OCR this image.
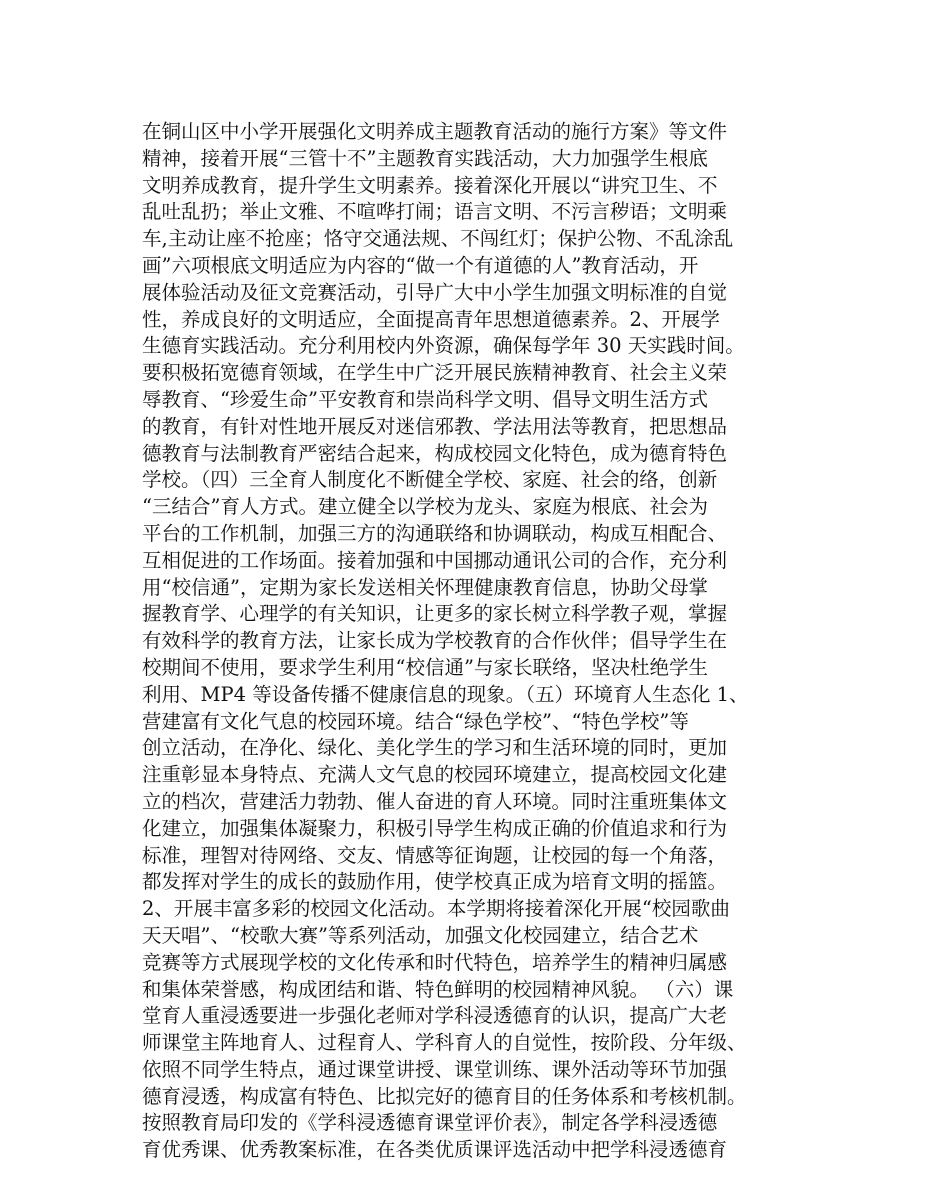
在铜山区中小学开展强化文明养成主题教育活动的施行方案》等文件
精神，接着开展“三管十不”主题教育实践活动，大力加强学生根底
文明养成教育，提升学生文明素养。接着深化开展以“讲究卫生、不
乱吐乱扔；举止文雅、不喧哗打闹；语言文明、不污言秽语；文明乘
车,主动让座不抢座；恪守交通法规、不闯红灯；保护公物、不乱涂乱
画”六项根底文明适应为内容的“做一个有道德的人”教育活动，开
展体验活动及征文竞赛活动，引导广大中小学生加强文明标准的自觉
性，养成良好的文明适应，全面提高青年思想道德素养。2、开展学
生德育实践活动。充分利用校内外资源，确保每学年 30 天实践时间。
要积极拓宽德育领域，在学生中广泛开展民族精神教育、社会主义荣
辱教育、“珍爱生命”平安教育和崇尚科学文明、倡导文明生活方式
的教育，有针对性地开展反对迷信邪教、学法用法等教育，把思想品
德教育与法制教育严密结合起来，构成校园文化特色，成为德育特色
学校。（四）三全育人制度化不断健全学校、家庭、社会的络，创新
“三结合”育人方式。建立健全以学校为龙头、家庭为根底、社会为
平台的工作机制，加强三方的沟通联络和协调联动，构成互相配合、
互相促进的工作场面。接着加强和中国挪动通讯公司的合作，充分利
用“校信通”，定期为家长发送相关怀理健康教育信息，协助父母掌
握教育学、心理学的有关知识，让更多的家长树立科学教子观，掌握
有效科学的教育方法，让家长成为学校教育的合作伙伴；倡导学生在
校期间不使用，要求学生利用“校信通”与家长联络，坚决杜绝学生
利用、MP4 等设备传播不健康信息的现象。（五）环境育人生态化 1、
营建富有文化气息的校园环境。结合“绿色学校”、“特色学校”等
创立活动，在净化、绿化、美化学生的学习和生活环境的同时，更加
注重彰显本身特点、充满人文气息的校园环境建立，提高校园文化建
立的档次，营建活力勃勃、催人奋进的育人环境。同时注重班集体文
化建立，加强集体凝聚力，积极引导学生构成正确的价值追求和行为
标准，理智对待网络、交友、情感等征询题，让校园的每一个角落，
都发挥对学生的成长的鼓励作用，使学校真正成为培育文明的摇篮。
2、开展丰富多彩的校园文化活动。本学期将接着深化开展“校园歌曲
天天唱”、“校歌大赛”等系列活动，加强文化校园建立，结合艺术
竞赛等方式展现学校的文化传承和时代特色，培养学生的精神归属感
和集体荣誉感，构成团结和谐、特色鲜明的校园精神风貌。 （六）课
堂育人重浸透要进一步强化老师对学科浸透德育的认识，提高广大老
师课堂主阵地育人、过程育人、学科育人的自觉性，按阶段、分年级、
依照不同学生特点，通过课堂讲授、课堂训练、课外活动等环节加强
德育浸透，构成富有特色、比拟完好的德育目的任务体系和考核机制。
按照教育局印发的《学科浸透德育课堂评价表》，制定各学科浸透德
育优秀课、优秀教案标准，在各类优质课评选活动中把学科浸透德育
